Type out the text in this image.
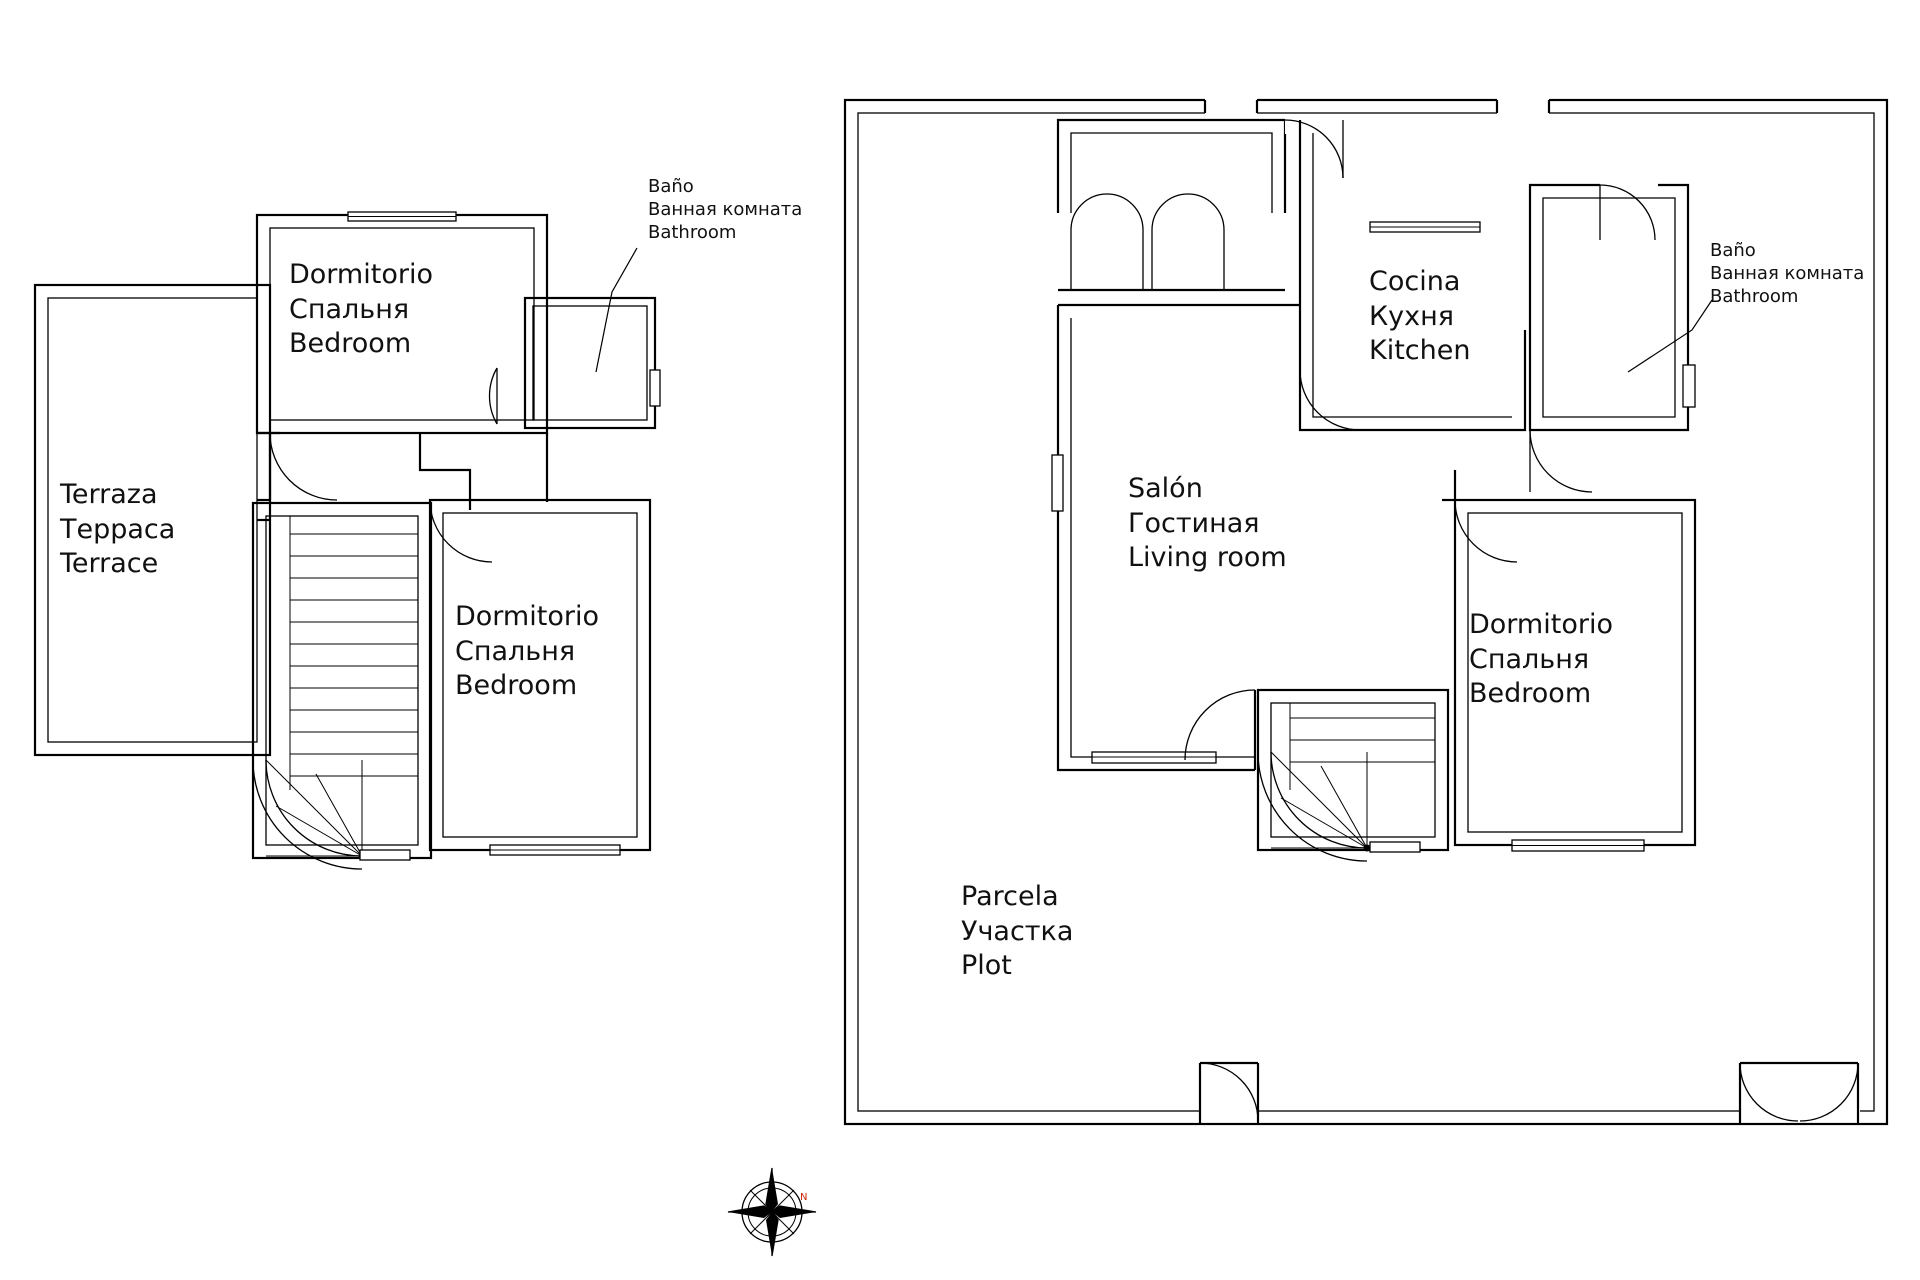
N
Terraza
Терраса
Terrace
Dormitorio
Спальня
Bedroom
Dormitorio
Спальня
Bedroom
Baño
Ванная комната
Bathroom
Cocina
Кухня
Kitchen
Salón
Гостиная
Living room
Dormitorio
Спальня
Bedroom
Parcela
Участка
Plot
Baño
Ванная комната
Bathroom
